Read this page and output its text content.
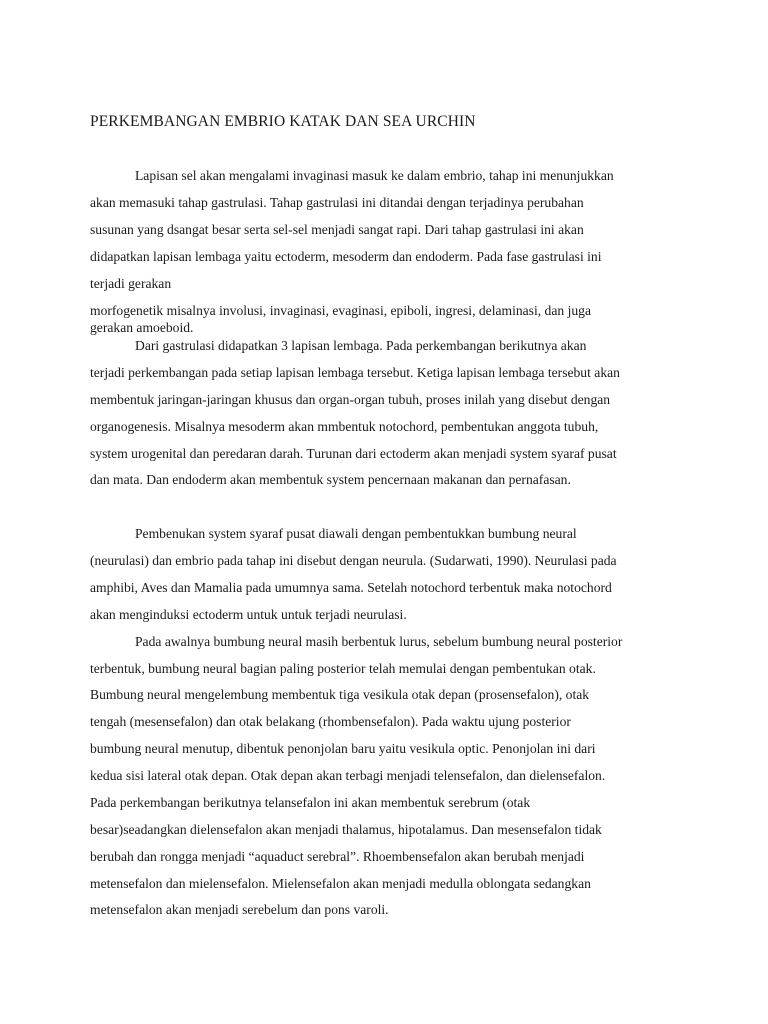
PERKEMBANGAN EMBRIO KATAK DAN SEA URCHIN
Lapisan sel akan mengalami invaginasi masuk ke dalam embrio, tahap ini menunjukkan
akan memasuki tahap gastrulasi. Tahap gastrulasi ini ditandai dengan terjadinya perubahan
susunan yang dsangat besar serta sel-sel menjadi sangat rapi. Dari tahap gastrulasi ini akan
didapatkan lapisan lembaga yaitu ectoderm, mesoderm dan endoderm. Pada fase gastrulasi ini
terjadi gerakan
morfogenetik misalnya involusi, invaginasi, evaginasi, epiboli, ingresi, delaminasi, dan juga
gerakan amoeboid.
Dari gastrulasi didapatkan 3 lapisan lembaga. Pada perkembangan berikutnya akan
terjadi perkembangan pada setiap lapisan lembaga tersebut. Ketiga lapisan lembaga tersebut akan
membentuk jaringan-jaringan khusus dan organ-organ tubuh, proses inilah yang disebut dengan
organogenesis. Misalnya mesoderm akan mmbentuk notochord, pembentukan anggota tubuh,
system urogenital dan peredaran darah. Turunan dari ectoderm akan menjadi system syaraf pusat
dan mata. Dan endoderm akan membentuk system pencernaan makanan dan pernafasan.
Pembenukan system syaraf pusat diawali dengan pembentukkan bumbung neural
(neurulasi) dan embrio pada tahap ini disebut dengan neurula. (Sudarwati, 1990). Neurulasi pada
amphibi, Aves dan Mamalia pada umumnya sama. Setelah notochord terbentuk maka notochord
akan menginduksi ectoderm untuk untuk terjadi neurulasi.
Pada awalnya bumbung neural masih berbentuk lurus, sebelum bumbung neural posterior
terbentuk, bumbung neural bagian paling posterior telah memulai dengan pembentukan otak.
Bumbung neural mengelembung membentuk tiga vesikula otak depan (prosensefalon), otak
tengah (mesensefalon) dan otak belakang (rhombensefalon). Pada waktu ujung posterior
bumbung neural menutup, dibentuk penonjolan baru yaitu vesikula optic. Penonjolan ini dari
kedua sisi lateral otak depan. Otak depan akan terbagi menjadi telensefalon, dan dielensefalon.
Pada perkembangan berikutnya telansefalon ini akan membentuk serebrum (otak
besar)seadangkan dielensefalon akan menjadi thalamus, hipotalamus. Dan mesensefalon tidak
berubah dan rongga menjadi “aquaduct serebral”. Rhoembensefalon akan berubah menjadi
metensefalon dan mielensefalon. Mielensefalon akan menjadi medulla oblongata sedangkan
metensefalon akan menjadi serebelum dan pons varoli.
